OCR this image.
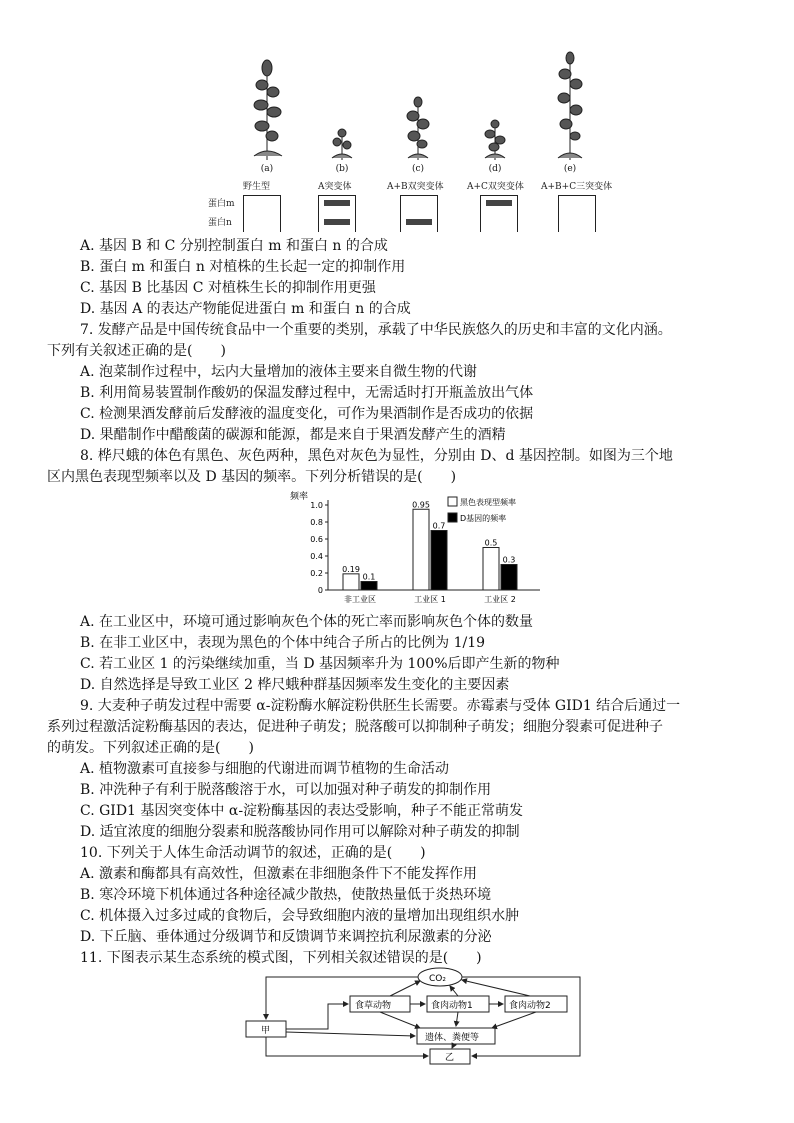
(a)	(b)	(c)	(d)	(e)
野生型	A突变体	A+B双突变体	A+C双突变体 A+B+C三突变体
蛋白m
蛋白n
A. 基因 B 和 C 分别控制蛋白 m 和蛋白 n 的合成
B. 蛋白 m 和蛋白 n 对植株的生长起一定的抑制作用
C. 基因 B 比基因 C 对植株生长的抑制作用更强
D. 基因 A 的表达产物能促进蛋白 m 和蛋白 n 的合成
7. 发酵产品是中国传统食品中一个重要的类别，承载了中华民族悠久的历史和丰富的文化内涵。
下列有关叙述正确的是(　　)
A. 泡菜制作过程中，坛内大量增加的液体主要来自微生物的代谢
B. 利用简易装置制作酸奶的保温发酵过程中，无需适时打开瓶盖放出气体
C. 检测果酒发酵前后发酵液的温度变化，可作为果酒制作是否成功的依据
D. 果醋制作中醋酸菌的碳源和能源，都是来自于果酒发酵产生的酒精
8. 桦尺蛾的体色有黑色、灰色两种，黑色对灰色为显性，分别由 D、d 基因控制。如图为三个地
区内黑色表现型频率以及 D 基因的频率。下列分析错误的是(　　)
频率
0
0.2
0.4
0.6
0.8
1.0
0.19
0.1
0.95
0.7
0.5
0.3
非工业区	工业区 1	工业区 2
黑色表现型频率
D基因的频率
A. 在工业区中，环境可通过影响灰色个体的死亡率而影响灰色个体的数量
B. 在非工业区中，表现为黑色的个体中纯合子所占的比例为 1/19
C. 若工业区 1 的污染继续加重，当 D 基因频率升为 100%后即产生新的物种
D. 自然选择是导致工业区 2 桦尺蛾种群基因频率发生变化的主要因素
9. 大麦种子萌发过程中需要 α-淀粉酶水解淀粉供胚生长需要。赤霉素与受体 GID1 结合后通过一
系列过程激活淀粉酶基因的表达，促进种子萌发；脱落酸可以抑制种子萌发；细胞分裂素可促进种子
的萌发。下列叙述正确的是(　　)
A. 植物激素可直接参与细胞的代谢进而调节植物的生命活动
B. 冲洗种子有利于脱落酸溶于水，可以加强对种子萌发的抑制作用
C. GID1 基因突变体中 α-淀粉酶基因的表达受影响，种子不能正常萌发
D. 适宜浓度的细胞分裂素和脱落酸协同作用可以解除对种子萌发的抑制
10. 下列关于人体生命活动调节的叙述，正确的是(　　)
A. 激素和酶都具有高效性，但激素在非细胞条件下不能发挥作用
B. 寒冷环境下机体通过各种途径减少散热，使散热量低于炎热环境
C. 机体摄入过多过咸的食物后，会导致细胞内液的量增加出现组织水肿
D. 下丘脑、垂体通过分级调节和反馈调节来调控抗利尿激素的分泌
11. 下图表示某生态系统的模式图，下列相关叙述错误的是(　　)
CO₂
食草动物	食肉动物1	食肉动物2
甲
遗体、粪便等
乙
